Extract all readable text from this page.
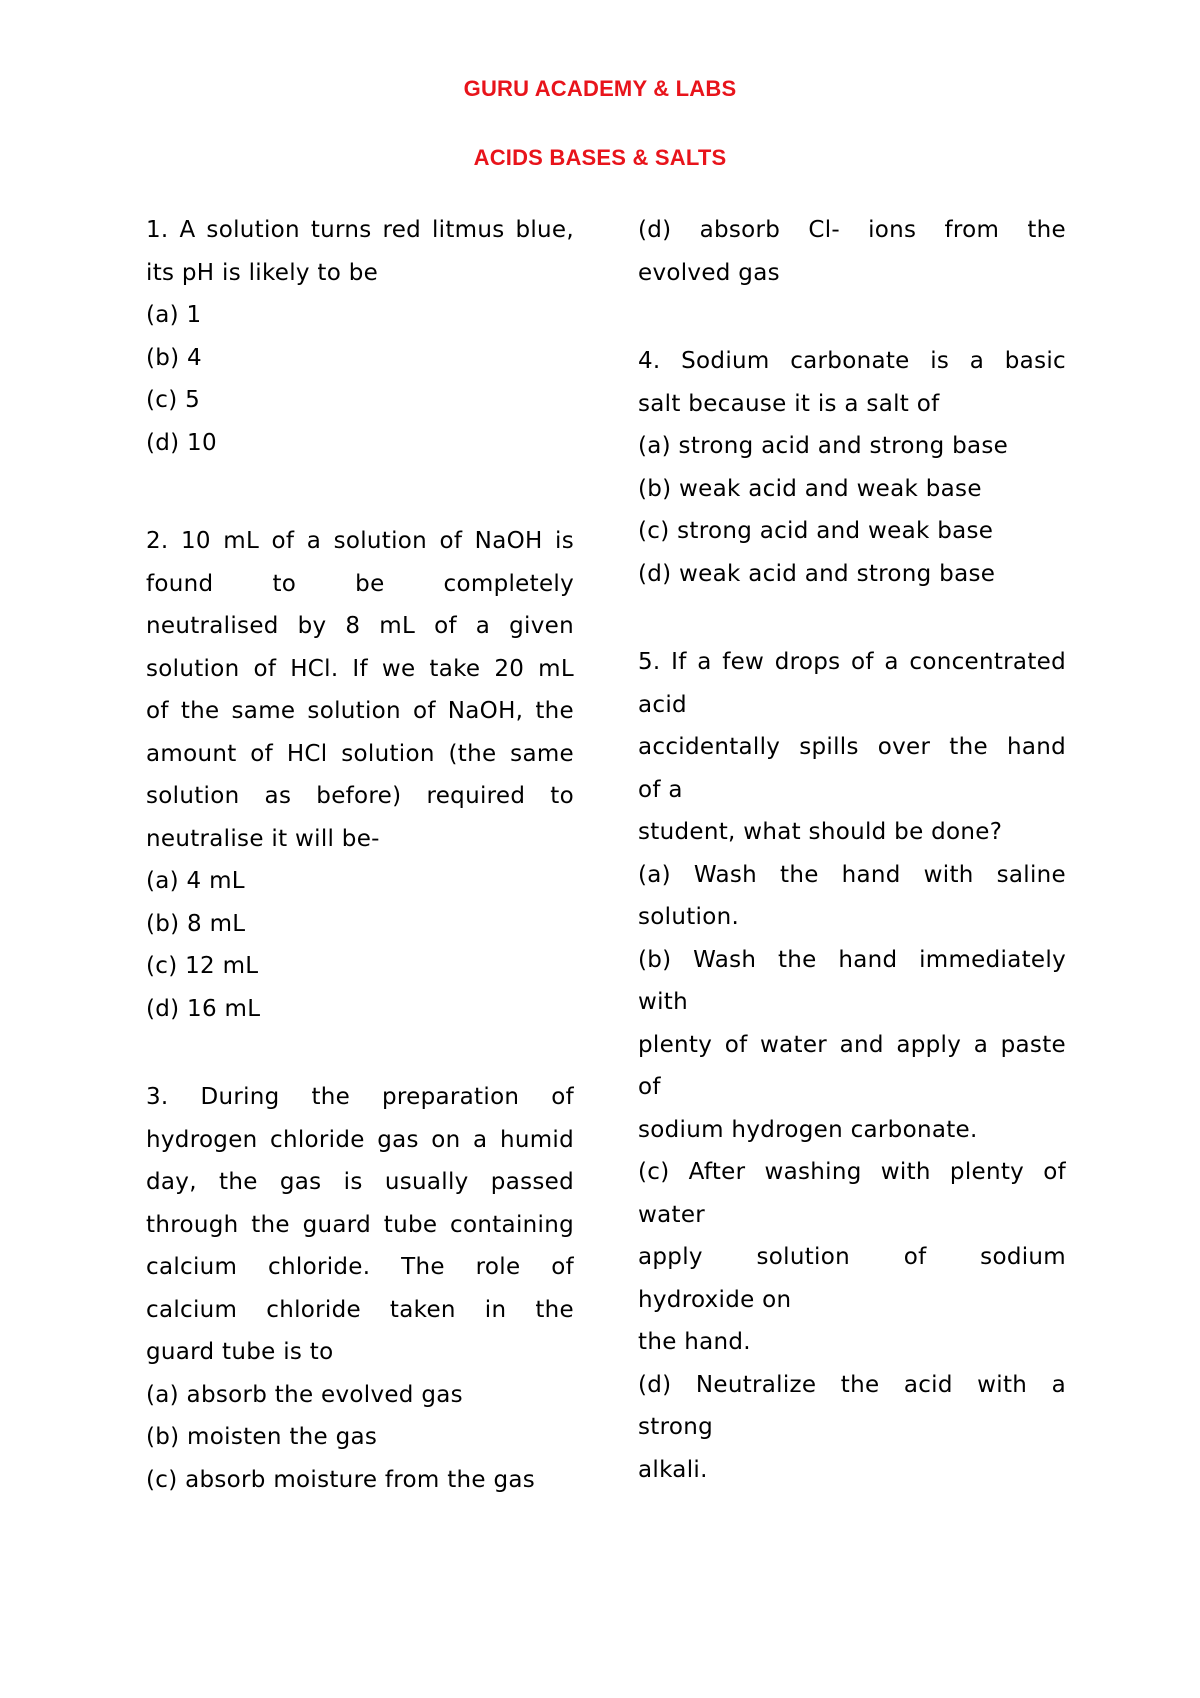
GURU ACADEMY & LABS
ACIDS BASES & SALTS
1. A solution turns red litmus blue,
its pH is likely to be
(a) 1
(b) 4
(c) 5
(d) 10
2. 10 mL of a solution of NaOH is
found to be completely
neutralised by 8 mL of a given
solution of HCl. If we take 20 mL
of the same solution of NaOH, the
amount of HCl solution (the same
solution as before) required to
neutralise it will be-
(a) 4 mL
(b) 8 mL
(c) 12 mL
(d) 16 mL
3. During the preparation of
hydrogen chloride gas on a humid
day, the gas is usually passed
through the guard tube containing
calcium chloride. The role of
calcium chloride taken in the
guard tube is to
(a) absorb the evolved gas
(b) moisten the gas
(c) absorb moisture from the gas
(d) absorb Cl- ions from the
evolved gas
4. Sodium carbonate is a basic
salt because it is a salt of
(a) strong acid and strong base
(b) weak acid and weak base
(c) strong acid and weak base
(d) weak acid and strong base
5. If a few drops of a concentrated
acid
accidentally spills over the hand
of a
student, what should be done?
(a) Wash the hand with saline
solution.
(b) Wash the hand immediately
with
plenty of water and apply a paste
of
sodium hydrogen carbonate.
(c) After washing with plenty of
water
apply solution of sodium
hydroxide on
the hand.
(d) Neutralize the acid with a
strong
alkali.
